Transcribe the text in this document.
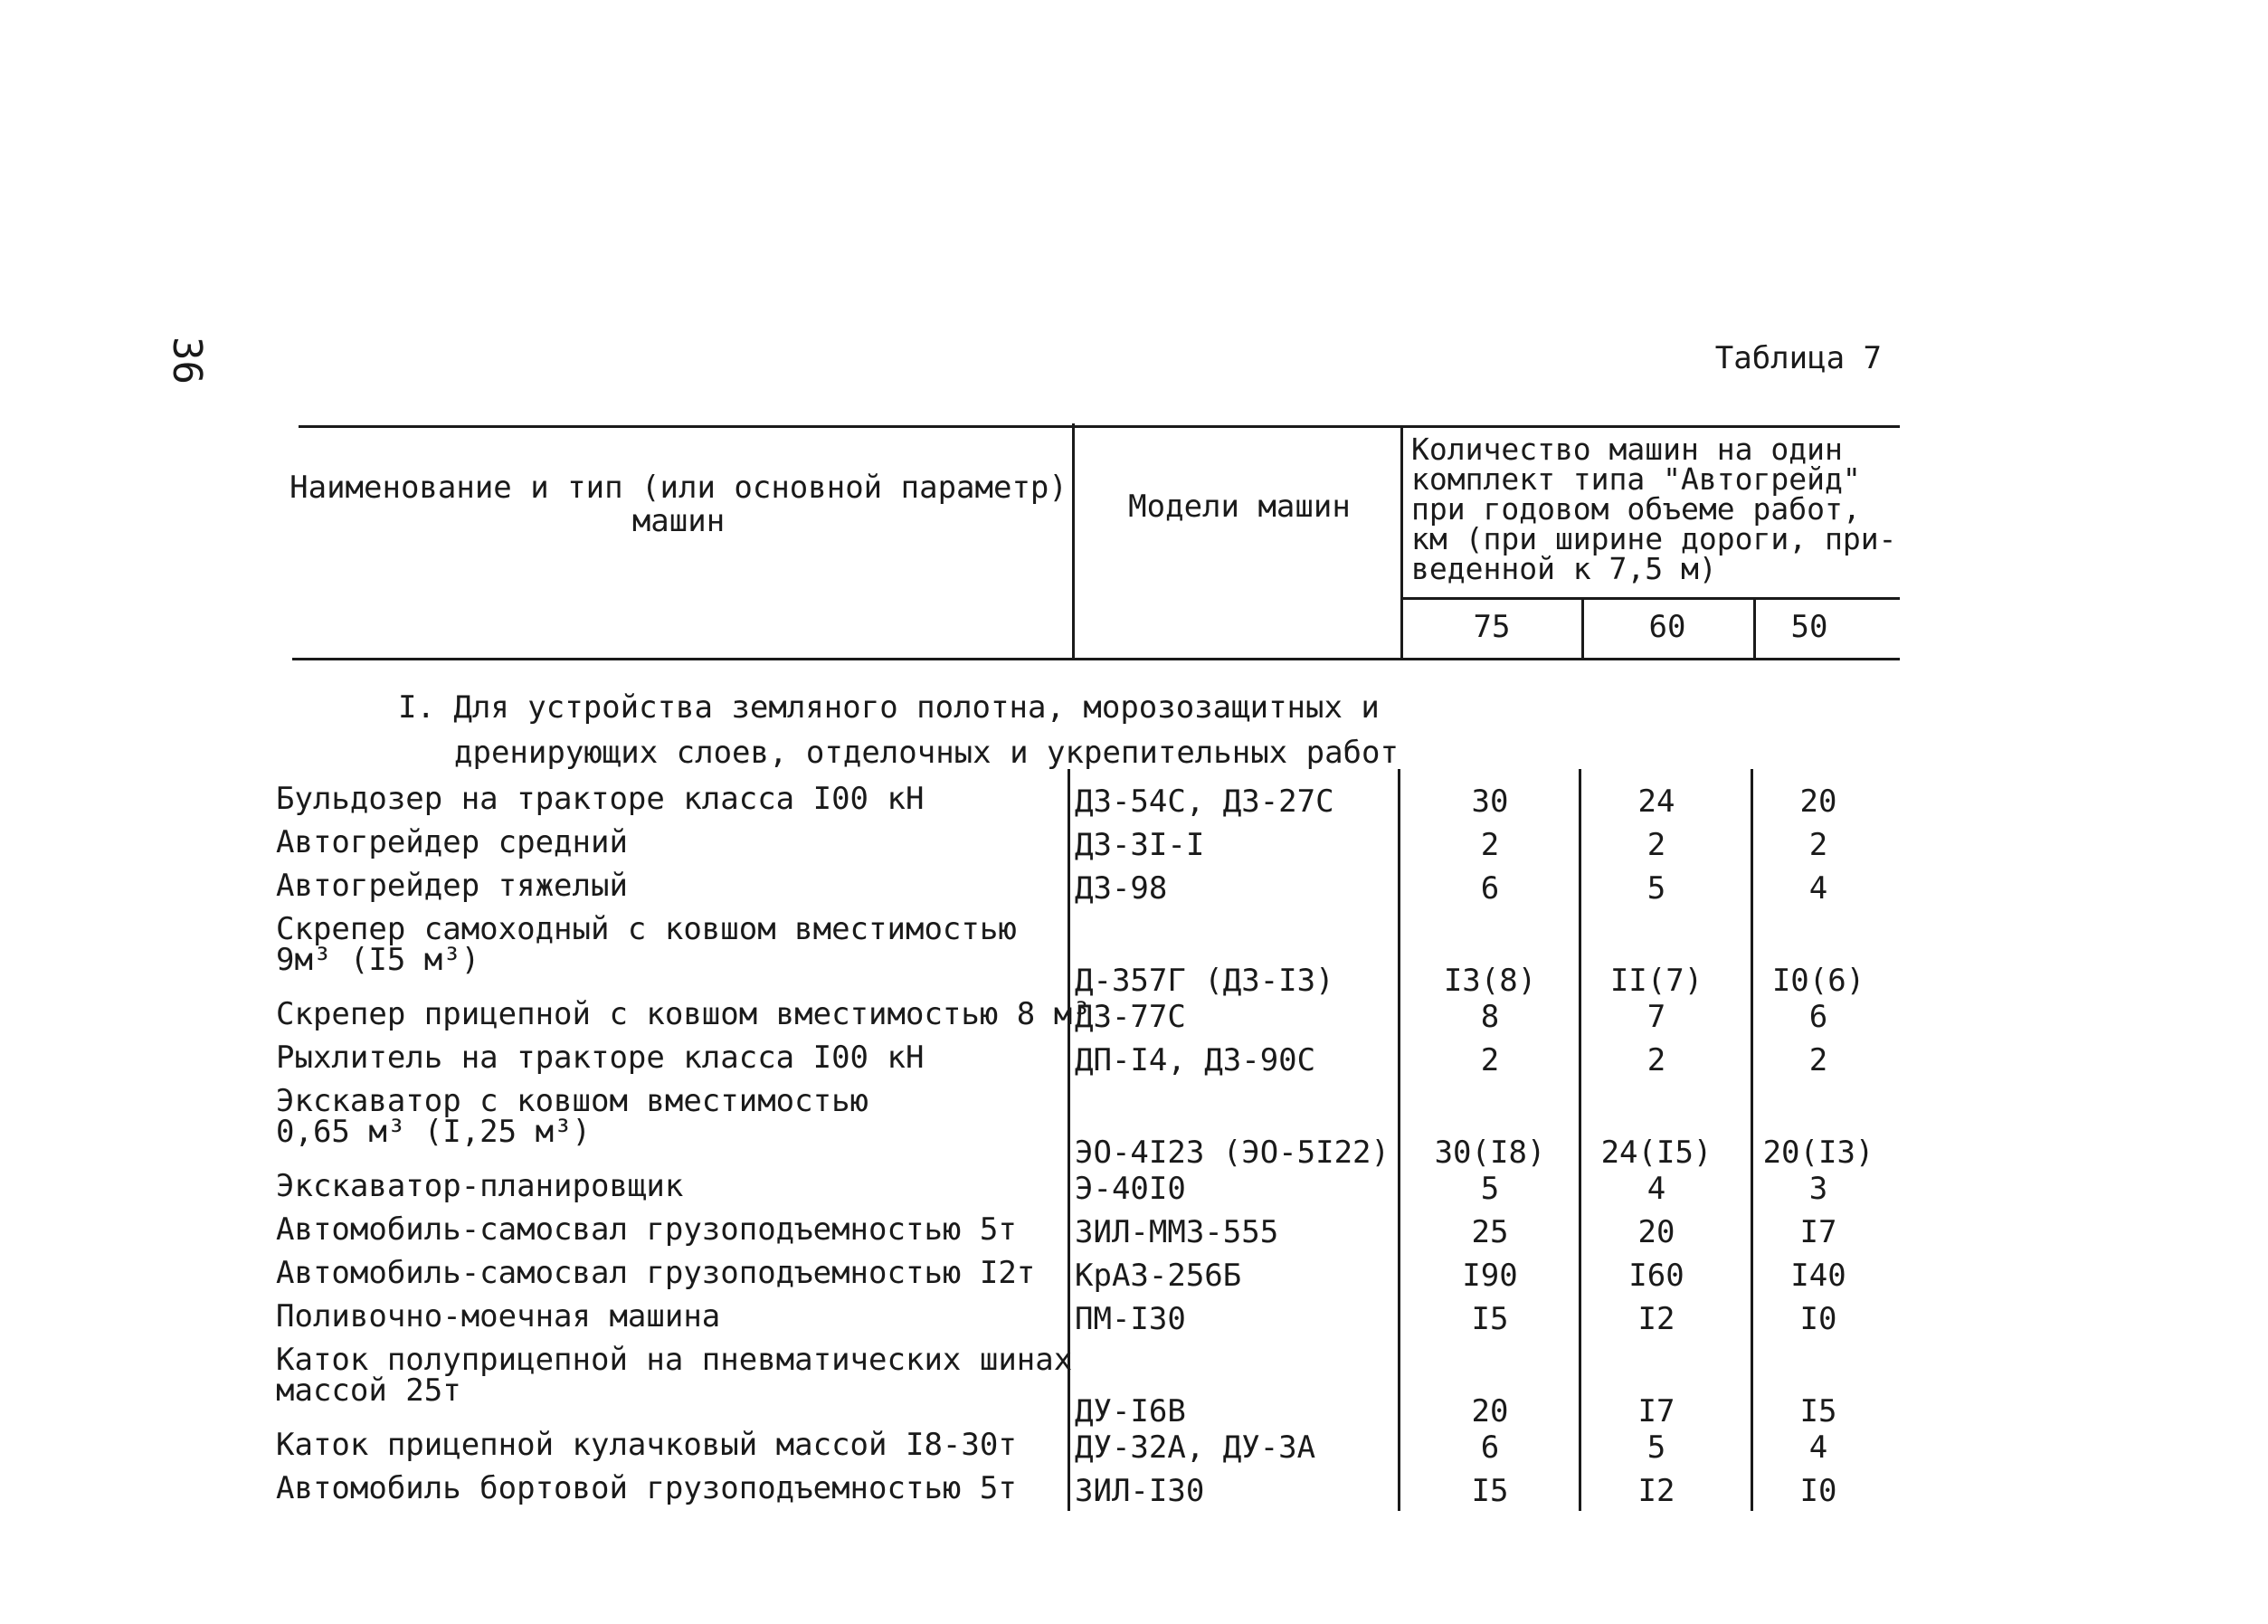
36	Таблица 7
Наименование и тип (или основной параметр)
машин	Модели машин
Количество машин на один
комплект типа "Автогрейд"
при годовом объеме работ,
км (при ширине дороги, при-
веденной к 7,5 м)
75	60	50
I. Для устройства земляного полотна, морозозащитных и
дренирующих слоев, отделочных и укрепительных работ
Бульдозер на тракторе класса I00 кН	ДЗ-54С, ДЗ-27С	30	24	20
Автогрейдер средний	ДЗ-3I-I	2	2	2
Автогрейдер тяжелый	ДЗ-98	6	5	4
Скрепер самоходный с ковшом вместимостью
9м³ (I5 м³)
Д-357Г (ДЗ-I3)	I3(8)	II(7)	I0(6)
Скрепер прицепной с ковшом вместимостью 8 м³
ДЗ-77С	8	7	6
Рыхлитель на тракторе класса I00 кН	ДП-I4, ДЗ-90С	2	2	2
Экскаватор с ковшом вместимостью
0,65 м³ (I,25 м³)
ЭО-4I23 (ЭО-5I22)	30(I8)	24(I5)	20(I3)
Экскаватор-планировщик	Э-40I0	5	4	3
Автомобиль-самосвал грузоподъемностью 5т	ЗИЛ-ММЗ-555	25	20	I7
Автомобиль-самосвал грузоподъемностью I2т	КрАЗ-256Б	I90	I60	I40
Поливочно-моечная машина	ПМ-I30	I5	I2	I0
Каток полуприцепной на пневматических шинах
массой 25т
ДУ-I6В	20	I7	I5
Каток прицепной кулачковый массой I8-30т	ДУ-32А, ДУ-3А	6	5	4
Автомобиль бортовой грузоподъемностью 5т	ЗИЛ-I30	I5	I2	I0
